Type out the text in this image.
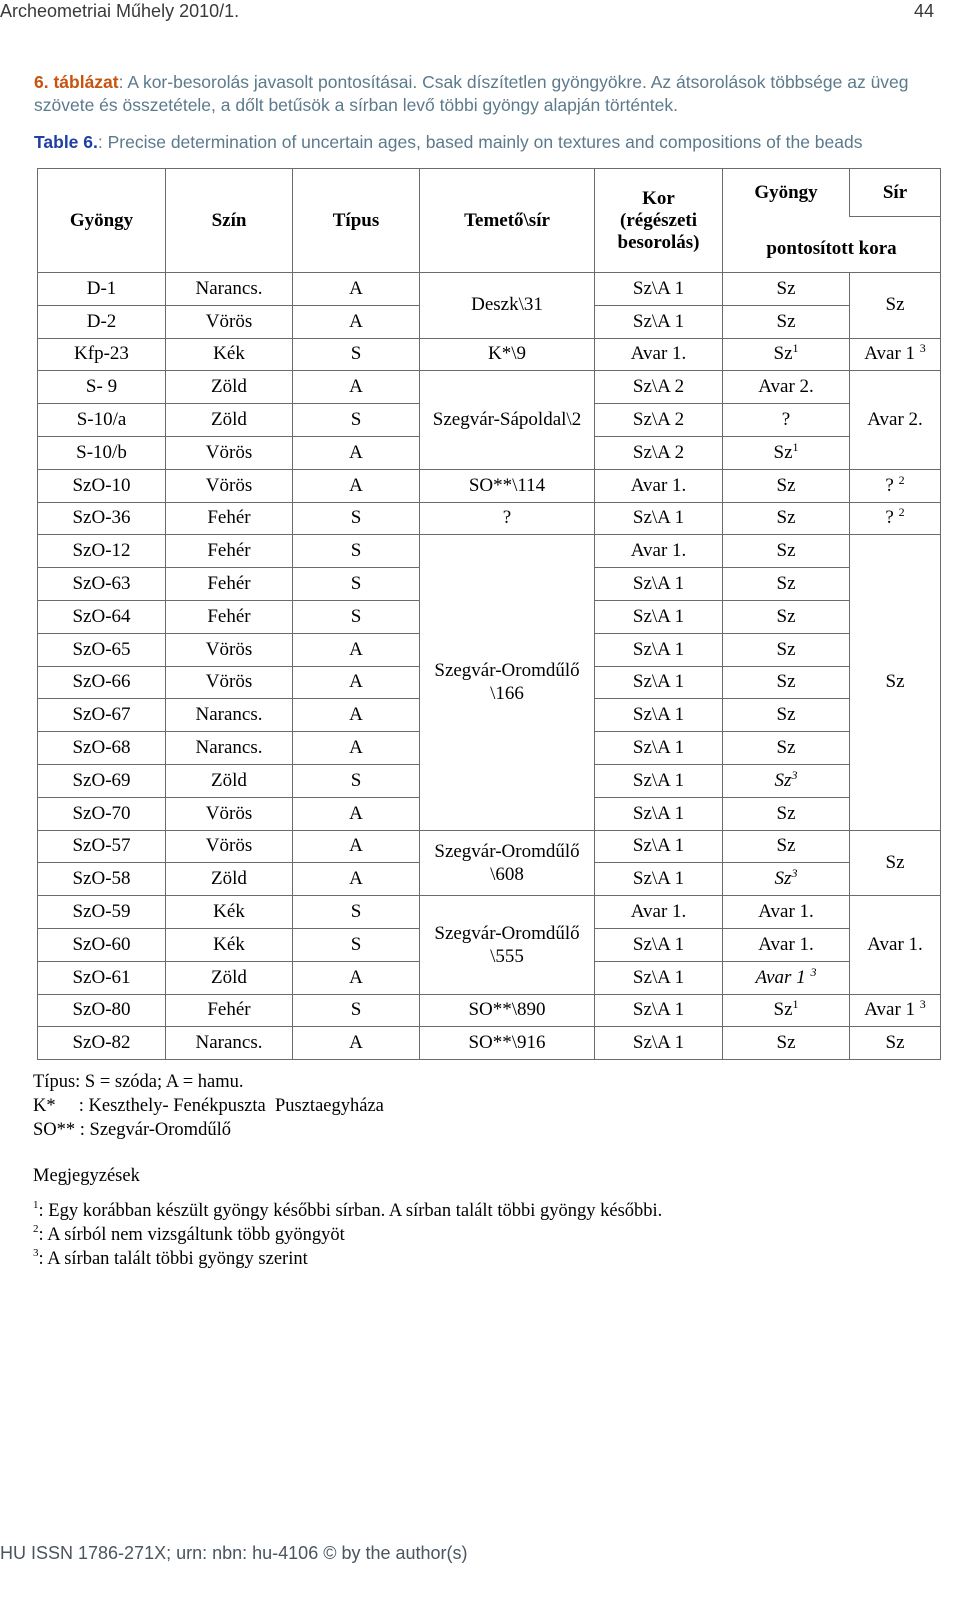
Archeometriai Műhely 2010/1.	44
6. táblázat: A kor-besorolás javasolt pontosításai. Csak díszítetlen gyöngyökre. Az átsorolások többsége az üveg szövete és összetétele, a dőlt betűsök a sírban levő többi gyöngy alapján történtek.
Table 6.: Precise determination of uncertain ages, based mainly on textures and compositions of the beads
Gyöngy	Szín	Típus	Temető\sír	Kor (régészeti besorolás)	Gyöngy	Sír
					pontosított kora	
D-1	Narancs.	A	Deszk\31	Sz\A 1	Sz	Sz
D-2	Vörös	A		Sz\A 1	Sz	
Kfp-23	Kék	S	K*\9	Avar 1.	Sz$^1$	Avar 1 $^3$
S- 9	Zöld	A	Szegvár-Sápoldal\2	Sz\A 2	Avar 2.	Avar 2.
S-10/a	Zöld	S		Sz\A 2	?	
S-10/b	Vörös	A		Sz\A 2	Sz$^1$
SzO-10	Vörös	A	SO**\114	Avar 1.	Sz	? $^2$
SzO-36	Fehér	S	?	Sz\A 1	Sz	? $^2$
SzO-12	Fehér	S	Szegvár-Oromdűlő \166	Avar 1.	Sz	Sz
SzO-63	Fehér	S		Sz\A 1	Sz	
SzO-64	Fehér	S		Sz\A 1	Sz	
SzO-65	Vörös	A		Sz\A 1	Sz	
SzO-66	Vörös	A		Sz\A 1	Sz	
SzO-67	Narancs.	A		Sz\A 1	Sz	
SzO-68	Narancs.	A		Sz\A 1	Sz	
SzO-69	Zöld	S		Sz\A 1	Sz$^3$
SzO-70	Vörös	A		Sz\A 1	Sz	
SzO-57	Vörös	A	Szegvár-Oromdűlő \608	Sz\A 1	Sz	Sz
SzO-58	Zöld	A		Sz\A 1	Sz$^3$
SzO-59	Kék	S	Szegvár-Oromdűlő \555	Avar 1.	Avar 1.	Avar 1.
SzO-60	Kék	S		Sz\A 1	Avar 1.	
SzO-61	Zöld	A		Sz\A 1	Avar 1 $^3$
SzO-80	Fehér	S	SO**\890	Sz\A 1	Sz$^1$	Avar 1 $^3$
SzO-82	Narancs.	A	SO**\916	Sz\A 1	Sz	Sz
Típus: S = szóda; A = hamu.
K*     : Keszthely- Fenékpuszta  Pusztaegyháza
SO** : Szegvár-Oromdűlő
Megjegyzések
$^1$: Egy korábban készült gyöngy későbbi sírban. A sírban talált többi gyöngy későbbi.
$^2$: A sírból nem vizsgáltunk több gyöngyöt
$^3$: A sírban talált többi gyöngy szerint
HU ISSN 1786-271X; urn: nbn: hu-4106 © by the author(s)
